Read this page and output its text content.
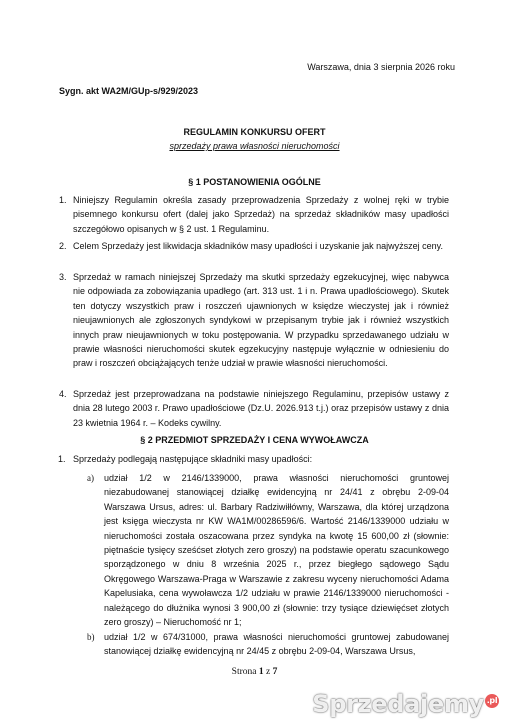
Warszawa, dnia 3 sierpnia 2026 roku
Sygn. akt WA2M/GUp-s/929/2023
REGULAMIN KONKURSU OFERT
sprzedaży prawa własności nieruchomości
§ 1 POSTANOWIENIA OGÓLNE
1. Niniejszy Regulamin określa zasady przeprowadzenia Sprzedaży z wolnej ręki w trybie pisemnego konkursu ofert (dalej jako Sprzedaż) na sprzedaż składników masy upadłości szczegółowo opisanych w § 2 ust. 1 Regulaminu.
2. Celem Sprzedaży jest likwidacja składników masy upadłości i uzyskanie jak najwyższej ceny.
3. Sprzedaż w ramach niniejszej Sprzedaży ma skutki sprzedaży egzekucyjnej, więc nabywca nie odpowiada za zobowiązania upadłego (art. 313 ust. 1 i n. Prawa upadłościowego). Skutek ten dotyczy wszystkich praw i roszczeń ujawnionych w księdze wieczystej jak i również nieujawnionych ale zgłoszonych syndykowi w przepisanym trybie jak i również wszystkich innych praw nieujawnionych w toku postępowania. W przypadku sprzedawanego udziału w prawie własności nieruchomości skutek egzekucyjny następuje wyłącznie w odniesieniu do praw i roszczeń obciążających tenże udział w prawie własności nieruchomości.
4. Sprzedaż jest przeprowadzana na podstawie niniejszego Regulaminu, przepisów ustawy z dnia 28 lutego 2003 r. Prawo upadłościowe (Dz.U. 2026.913 t.j.) oraz przepisów ustawy z dnia 23 kwietnia 1964 r. – Kodeks cywilny.
§ 2 PRZEDMIOT SPRZEDAŻY I CENA WYWOŁAWCZA
1. Sprzedaży podlegają następujące składniki masy upadłości:
a) udział 1/2 w 2146/1339000, prawa własności nieruchomości gruntowej niezabudowanej stanowiącej działkę ewidencyjną nr 24/41 z obrębu 2-09-04 Warszawa Ursus, adres: ul. Barbary Radziwiłłówny, Warszawa, dla której urządzona jest księga wieczysta nr KW WA1M/00286596/6. Wartość 2146/1339000 udziału w nieruchomości została oszacowana przez syndyka na kwotę 15 600,00 zł (słownie: piętnaście tysięcy sześćset złotych zero groszy) na podstawie operatu szacunkowego sporządzonego w dniu 8 września 2025 r., przez biegłego sądowego Sądu Okręgowego Warszawa-Praga w Warszawie z zakresu wyceny nieruchomości Adama Kapelusiaka, cena wywoławcza 1/2 udziału w prawie 2146/1339000 nieruchomości - należącego do dłużnika wynosi 3 900,00 zł (słownie: trzy tysiące dziewięćset złotych zero groszy) – Nieruchomość nr 1;
b) udział 1/2 w 674/31000, prawa własności nieruchomości gruntowej zabudowanej stanowiącej działkę ewidencyjną nr 24/45 z obrębu 2-09-04, Warszawa Ursus,
Strona 1 z 7
Sprzedajemy .pl
